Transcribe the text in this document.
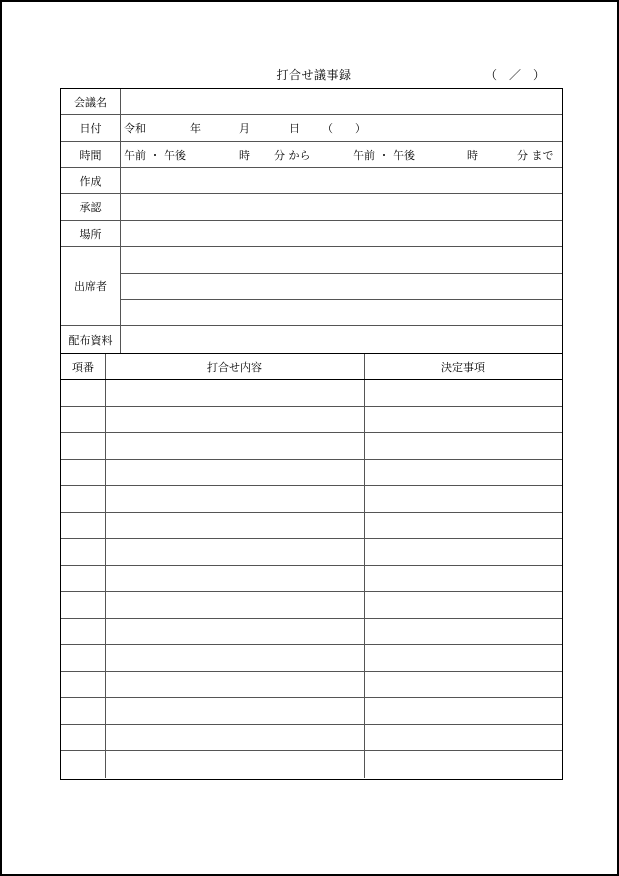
打合せ議事録	（　／　）
会議名
日付	令和	年	月	日 （　　）
時間	午前 ・ 午後	時 分 から	午前 ・ 午後	時	分 まで
作成
承認
場所
出席者
配布資料
項番	打合せ内容	決定事項
